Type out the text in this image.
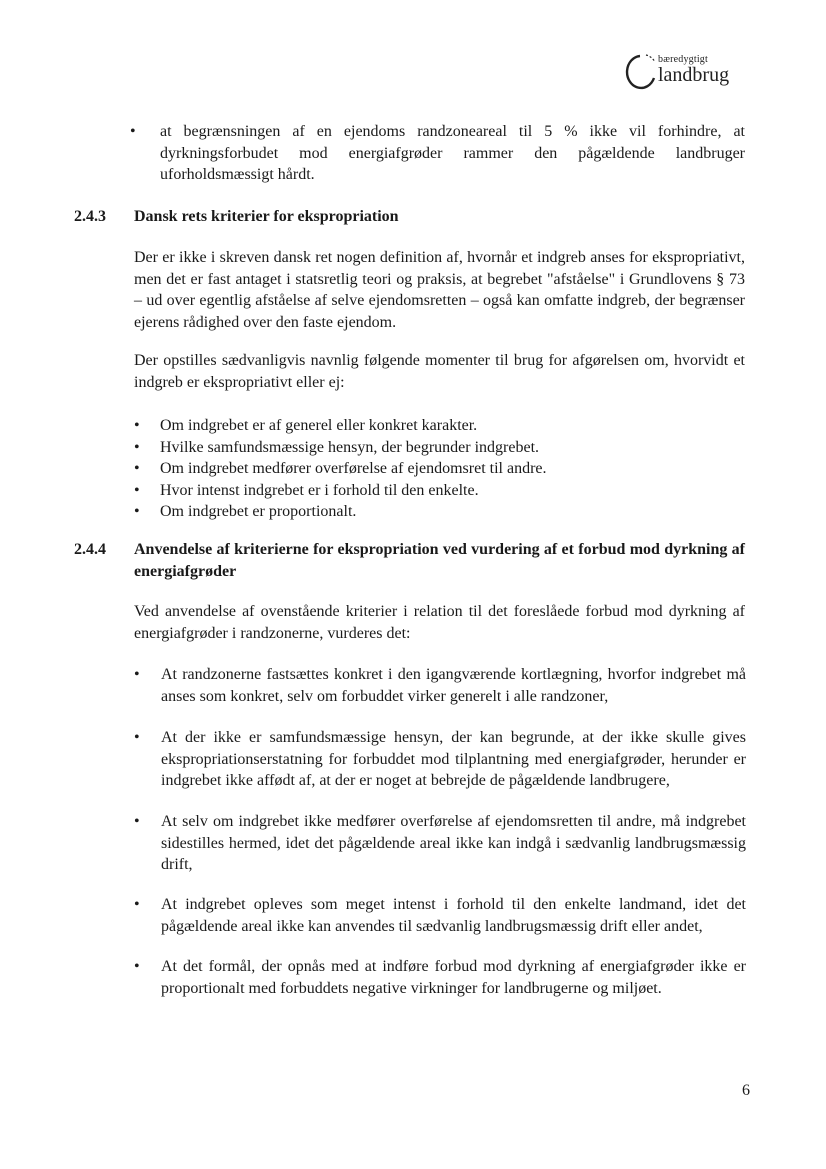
bæredygtigt
landbrug
• at begrænsningen af en ejendoms randzoneareal til 5 % ikke vil forhindre, at dyrkningsforbudet mod energiafgrøder rammer den pågældende landbruger uforholdsmæssigt hårdt.
2.4.3 Dansk rets kriterier for ekspropriation
Der er ikke i skreven dansk ret nogen definition af, hvornår et indgreb anses for ekspropriativt, men det er fast antaget i statsretlig teori og praksis, at begrebet "afståelse" i Grundlovens § 73 – ud over egentlig afståelse af selve ejendomsretten – også kan omfatte indgreb, der begrænser ejerens rådighed over den faste ejendom.
Der opstilles sædvanligvis navnlig følgende momenter til brug for afgørelsen om, hvorvidt et indgreb er ekspropriativt eller ej:
• Om indgrebet er af generel eller konkret karakter.
• Hvilke samfundsmæssige hensyn, der begrunder indgrebet.
• Om indgrebet medfører overførelse af ejendomsret til andre.
• Hvor intenst indgrebet er i forhold til den enkelte.
• Om indgrebet er proportionalt.
2.4.4 Anvendelse af kriterierne for ekspropriation ved vurdering af et forbud mod dyrkning af energiafgrøder
Ved anvendelse af ovenstående kriterier i relation til det foreslåede forbud mod dyrkning af energiafgrøder i randzonerne, vurderes det:
• At randzonerne fastsættes konkret i den igangværende kortlægning, hvorfor indgrebet må anses som konkret, selv om forbuddet virker generelt i alle randzoner,
• At der ikke er samfundsmæssige hensyn, der kan begrunde, at der ikke skulle gives ekspropriationserstatning for forbuddet mod tilplantning med energiafgrøder, herunder er indgrebet ikke affødt af, at der er noget at bebrejde de pågældende landbrugere,
• At selv om indgrebet ikke medfører overførelse af ejendomsretten til andre, må indgrebet sidestilles hermed, idet det pågældende areal ikke kan indgå i sædvanlig landbrugsmæssig drift,
• At indgrebet opleves som meget intenst i forhold til den enkelte landmand, idet det pågældende areal ikke kan anvendes til sædvanlig landbrugsmæssig drift eller andet,
• At det formål, der opnås med at indføre forbud mod dyrkning af energiafgrøder ikke er proportionalt med forbuddets negative virkninger for landbrugerne og miljøet.
6
